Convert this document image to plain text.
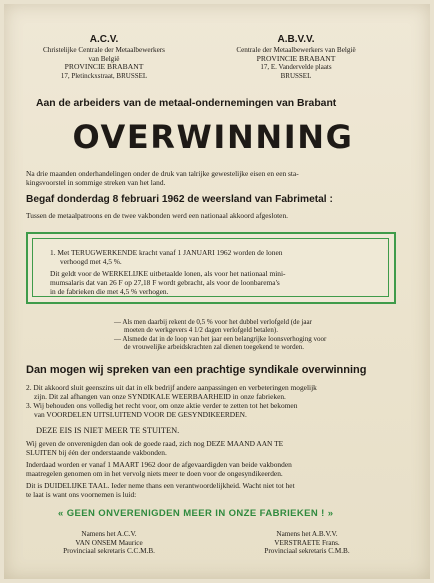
A.C.V.
Christelijke Centrale der Metaalbewerkers
van België
PROVINCIE BRABANT
17, Pletinckxstraat, BRUSSEL
A.B.V.V.
Centrale der Metaalbewerkers van België
PROVINCIE BRABANT
17, E. Vandervelde plaats
BRUSSEL
Aan de arbeiders van de metaal-ondernemingen van Brabant
OVERWINNING
Na drie maanden onderhandelingen onder de druk van talrijke gewestelijke eisen en een sta-
kingsvoorstel in sommige streken van het land.
Begaf donderdag 8 februari 1962 de weersland van Fabrimetal :
Tussen de metaalpatroons en de twee vakbonden werd een nationaal akkoord afgesloten.
1. Met TERUGWERKENDE kracht vanaf 1 JANUARI 1962 worden de lonen
verhoogd met 4,5 %.
Dit geldt voor de WERKELIJKE uitbetaalde lonen, als voor het nationaal mini-
mumsalaris dat van 26 F op 27,18 F wordt gebracht, als voor de loonbarema's
in de fabrieken die met 4,5 % verhogen.
— Als men daarbij rekent de 0,5 % voor het dubbel verlofgeld (de jaar
moeten de werkgevers 4 1/2 dagen verlofgeld betalen).
— Alsmede dat in de loop van het jaar een belangrijke loonsverhoging voor
de vrouwelijke arbeidskrachten zal dienen toegekend te worden.
Dan mogen wij spreken van een prachtige syndikale overwinning
2. Dit akkoord sluit geenszins uit dat in elk bedrijf andere aanpassingen en verbeteringen mogelijk
zijn. Dit zal afhangen van onze SYNDIKALE WEERBAARHEID in onze fabrieken.
3. Wij behouden ons volledig het recht voor, om onze aktie verder te zetten tot het bekomen
van VOORDELEN UITSLUITEND VOOR DE GESYNDIKEERDEN.
DEZE EIS IS NIET MEER TE STUITEN.
Wij geven de onverenigden dan ook de goede raad, zich nog DEZE MAAND AAN TE
SLUITEN bij één der onderstaande vakbonden.
Inderdaad worden er vanaf 1 MAART 1962 door de afgevaardigden van beide vakbonden
maatregelen genomen om in het vervolg niets meer te doen voor de ongesyndikeerden.
Dit is DUIDELIJKE TAAL. Ieder neme thans een verantwoordelijkheid. Wacht niet tot het
te laat is want ons voornemen is luid:
« GEEN ONVERENIGDEN MEER IN ONZE FABRIEKEN ! »
Namens het A.C.V.
VAN ONSEM Maurice
Provinciaal sekretaris C.C.M.B.
Namens het A.B.V.V.
VERSTRAETE Frans.
Provinciaal sekretaris C.M.B.
